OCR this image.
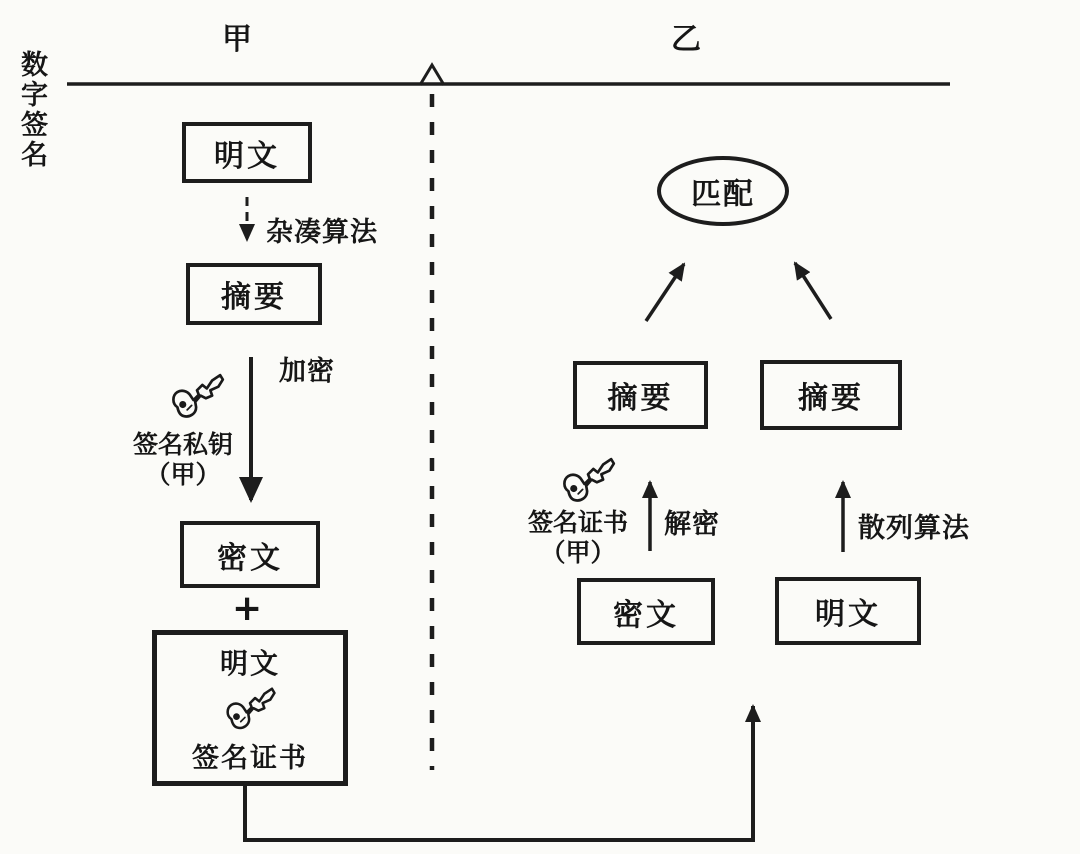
甲	乙
数字签名	明文
杂凑算法
摘要
加密
签名私钥
（甲）
密文
+
明文
签名证书
匹配
摘要	摘要
签名证书
（甲）
解密	散列算法
密文	明文
